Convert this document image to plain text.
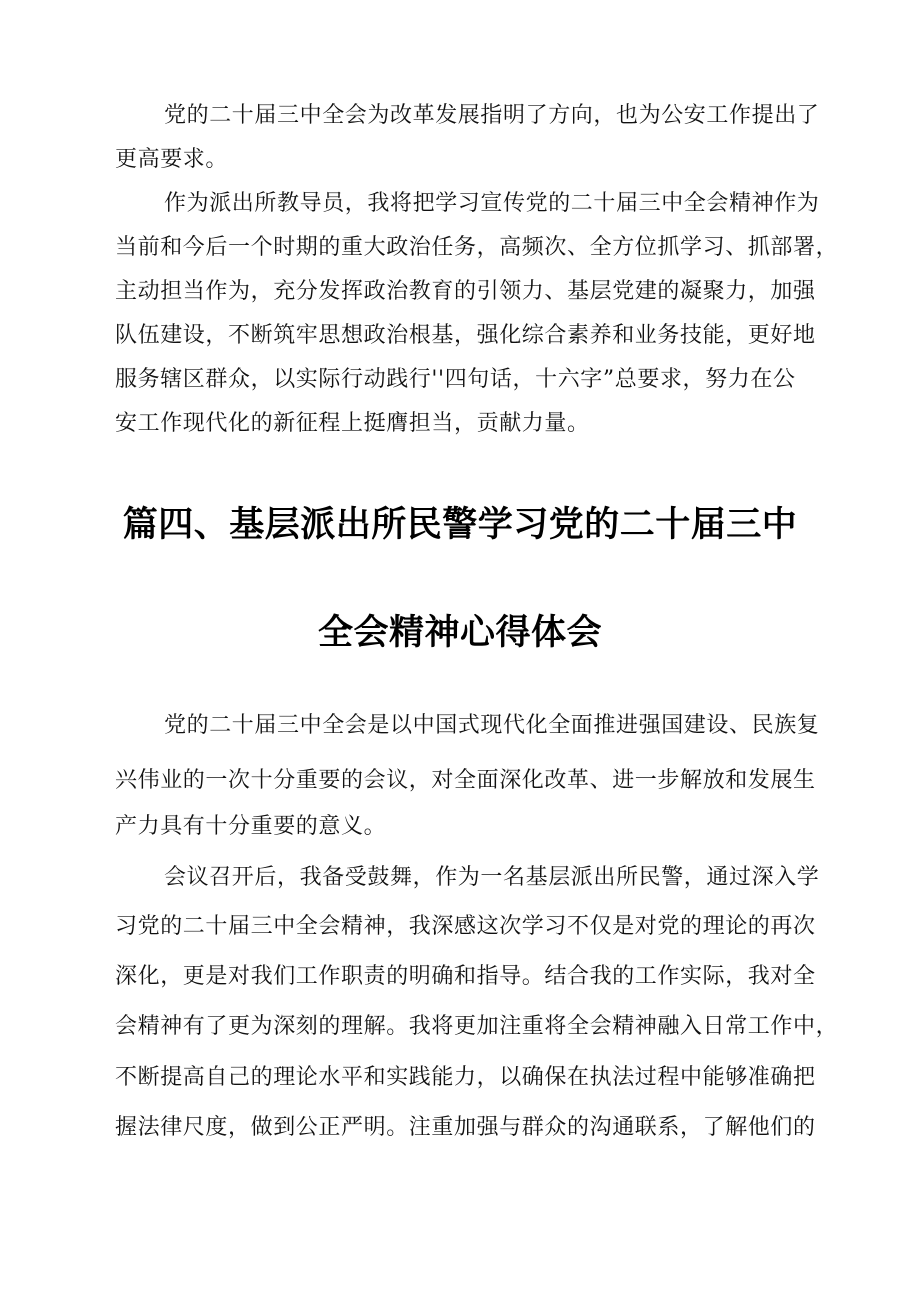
党的二十届三中全会为改革发展指明了方向，也为公安工作提出了

更高要求。

作为派出所教导员，我将把学习宣传党的二十届三中全会精神作为

当前和今后一个时期的重大政治任务，高频次、全方位抓学习、抓部署，

主动担当作为，充分发挥政治教育的引领力、基层党建的凝聚力，加强

队伍建设，不断筑牢思想政治根基，强化综合素养和业务技能，更好地

服务辖区群众，以实际行动践行''四句话，十六字”总要求，努力在公

安工作现代化的新征程上挺膺担当，贡献力量。

篇四、基层派出所民警学习党的二十届三中
全会精神心得体会

党的二十届三中全会是以中国式现代化全面推进强国建设、民族复

兴伟业的一次十分重要的会议，对全面深化改革、进一步解放和发展生

产力具有十分重要的意义。

会议召开后，我备受鼓舞，作为一名基层派出所民警，通过深入学

习党的二十届三中全会精神，我深感这次学习不仅是对党的理论的再次

深化，更是对我们工作职责的明确和指导。结合我的工作实际，我对全

会精神有了更为深刻的理解。我将更加注重将全会精神融入日常工作中，

不断提高自己的理论水平和实践能力，以确保在执法过程中能够准确把

握法律尺度，做到公正严明。注重加强与群众的沟通联系，了解他们的
